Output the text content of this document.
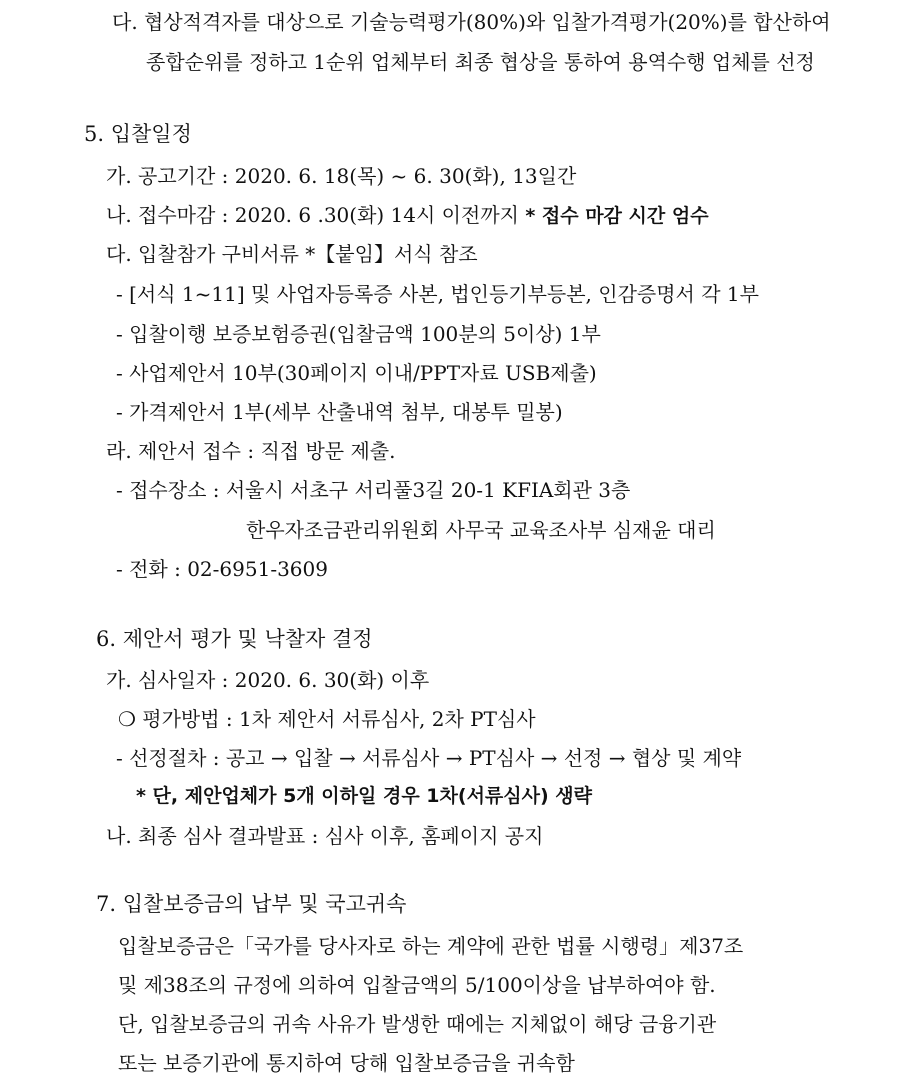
다. 협상적격자를 대상으로 기술능력평가(80%)와 입찰가격평가(20%)를 합산하여
종합순위를 정하고 1순위 업체부터 최종 협상을 통하여 용역수행 업체를 선정
5. 입찰일정
가. 공고기간 : 2020. 6. 18(목) ~ 6. 30(화), 13일간
나. 접수마감 : 2020. 6 .30(화) 14시 이전까지 * 접수 마감 시간 엄수
다. 입찰참가 구비서류 *【붙임】서식 참조
- [서식 1~11] 및 사업자등록증 사본, 법인등기부등본, 인감증명서 각 1부
- 입찰이행 보증보험증권(입찰금액 100분의 5이상) 1부
- 사업제안서 10부(30페이지 이내/PPT자료 USB제출)
- 가격제안서 1부(세부 산출내역 첨부, 대봉투 밀봉)
라. 제안서 접수 : 직접 방문 제출.
- 접수장소 : 서울시 서초구 서리풀3길 20-1 KFIA회관 3층
한우자조금관리위원회 사무국 교육조사부 심재윤 대리
- 전화 : 02-6951-3609
6. 제안서 평가 및 낙찰자 결정
가. 심사일자 : 2020. 6. 30(화) 이후
❍ 평가방법 : 1차 제안서 서류심사, 2차 PT심사
- 선정절차 : 공고 → 입찰 → 서류심사 → PT심사 → 선정 → 협상 및 계약
* 단, 제안업체가 5개 이하일 경우 1차(서류심사) 생략
나. 최종 심사 결과발표 : 심사 이후, 홈페이지 공지
7. 입찰보증금의 납부 및 국고귀속
입찰보증금은「국가를 당사자로 하는 계약에 관한 법률 시행령」제37조
및 제38조의 규정에 의하여 입찰금액의 5/100이상을 납부하여야 함.
단, 입찰보증금의 귀속 사유가 발생한 때에는 지체없이 해당 금융기관
또는 보증기관에 통지하여 당해 입찰보증금을 귀속함
